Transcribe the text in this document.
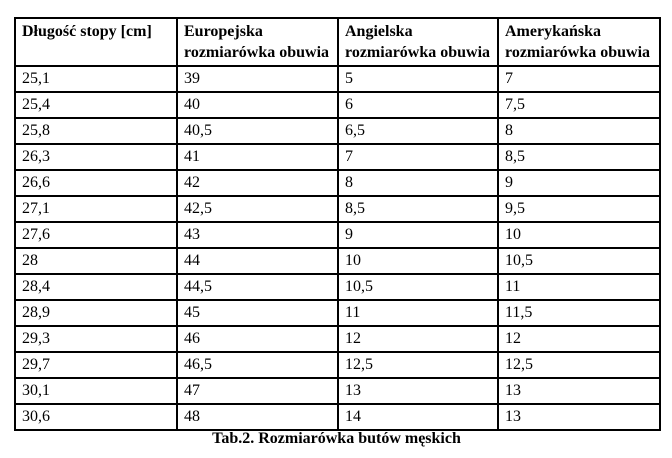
Długość stopy [cm]	Europejska rozmiarówka obuwia	Angielska rozmiarówka obuwia	Amerykańska rozmiarówka obuwia
25,1	39	5	7
25,4	40	6	7,5
25,8	40,5	6,5	8
26,3	41	7	8,5
26,6	42	8	9
27,1	42,5	8,5	9,5
27,6	43	9	10
28	44	10	10,5
28,4	44,5	10,5	11
28,9	45	11	11,5
29,3	46	12	12
29,7	46,5	12,5	12,5
30,1	47	13	13
30,6	48	14	13
Tab.2. Rozmiarówka butów męskich
